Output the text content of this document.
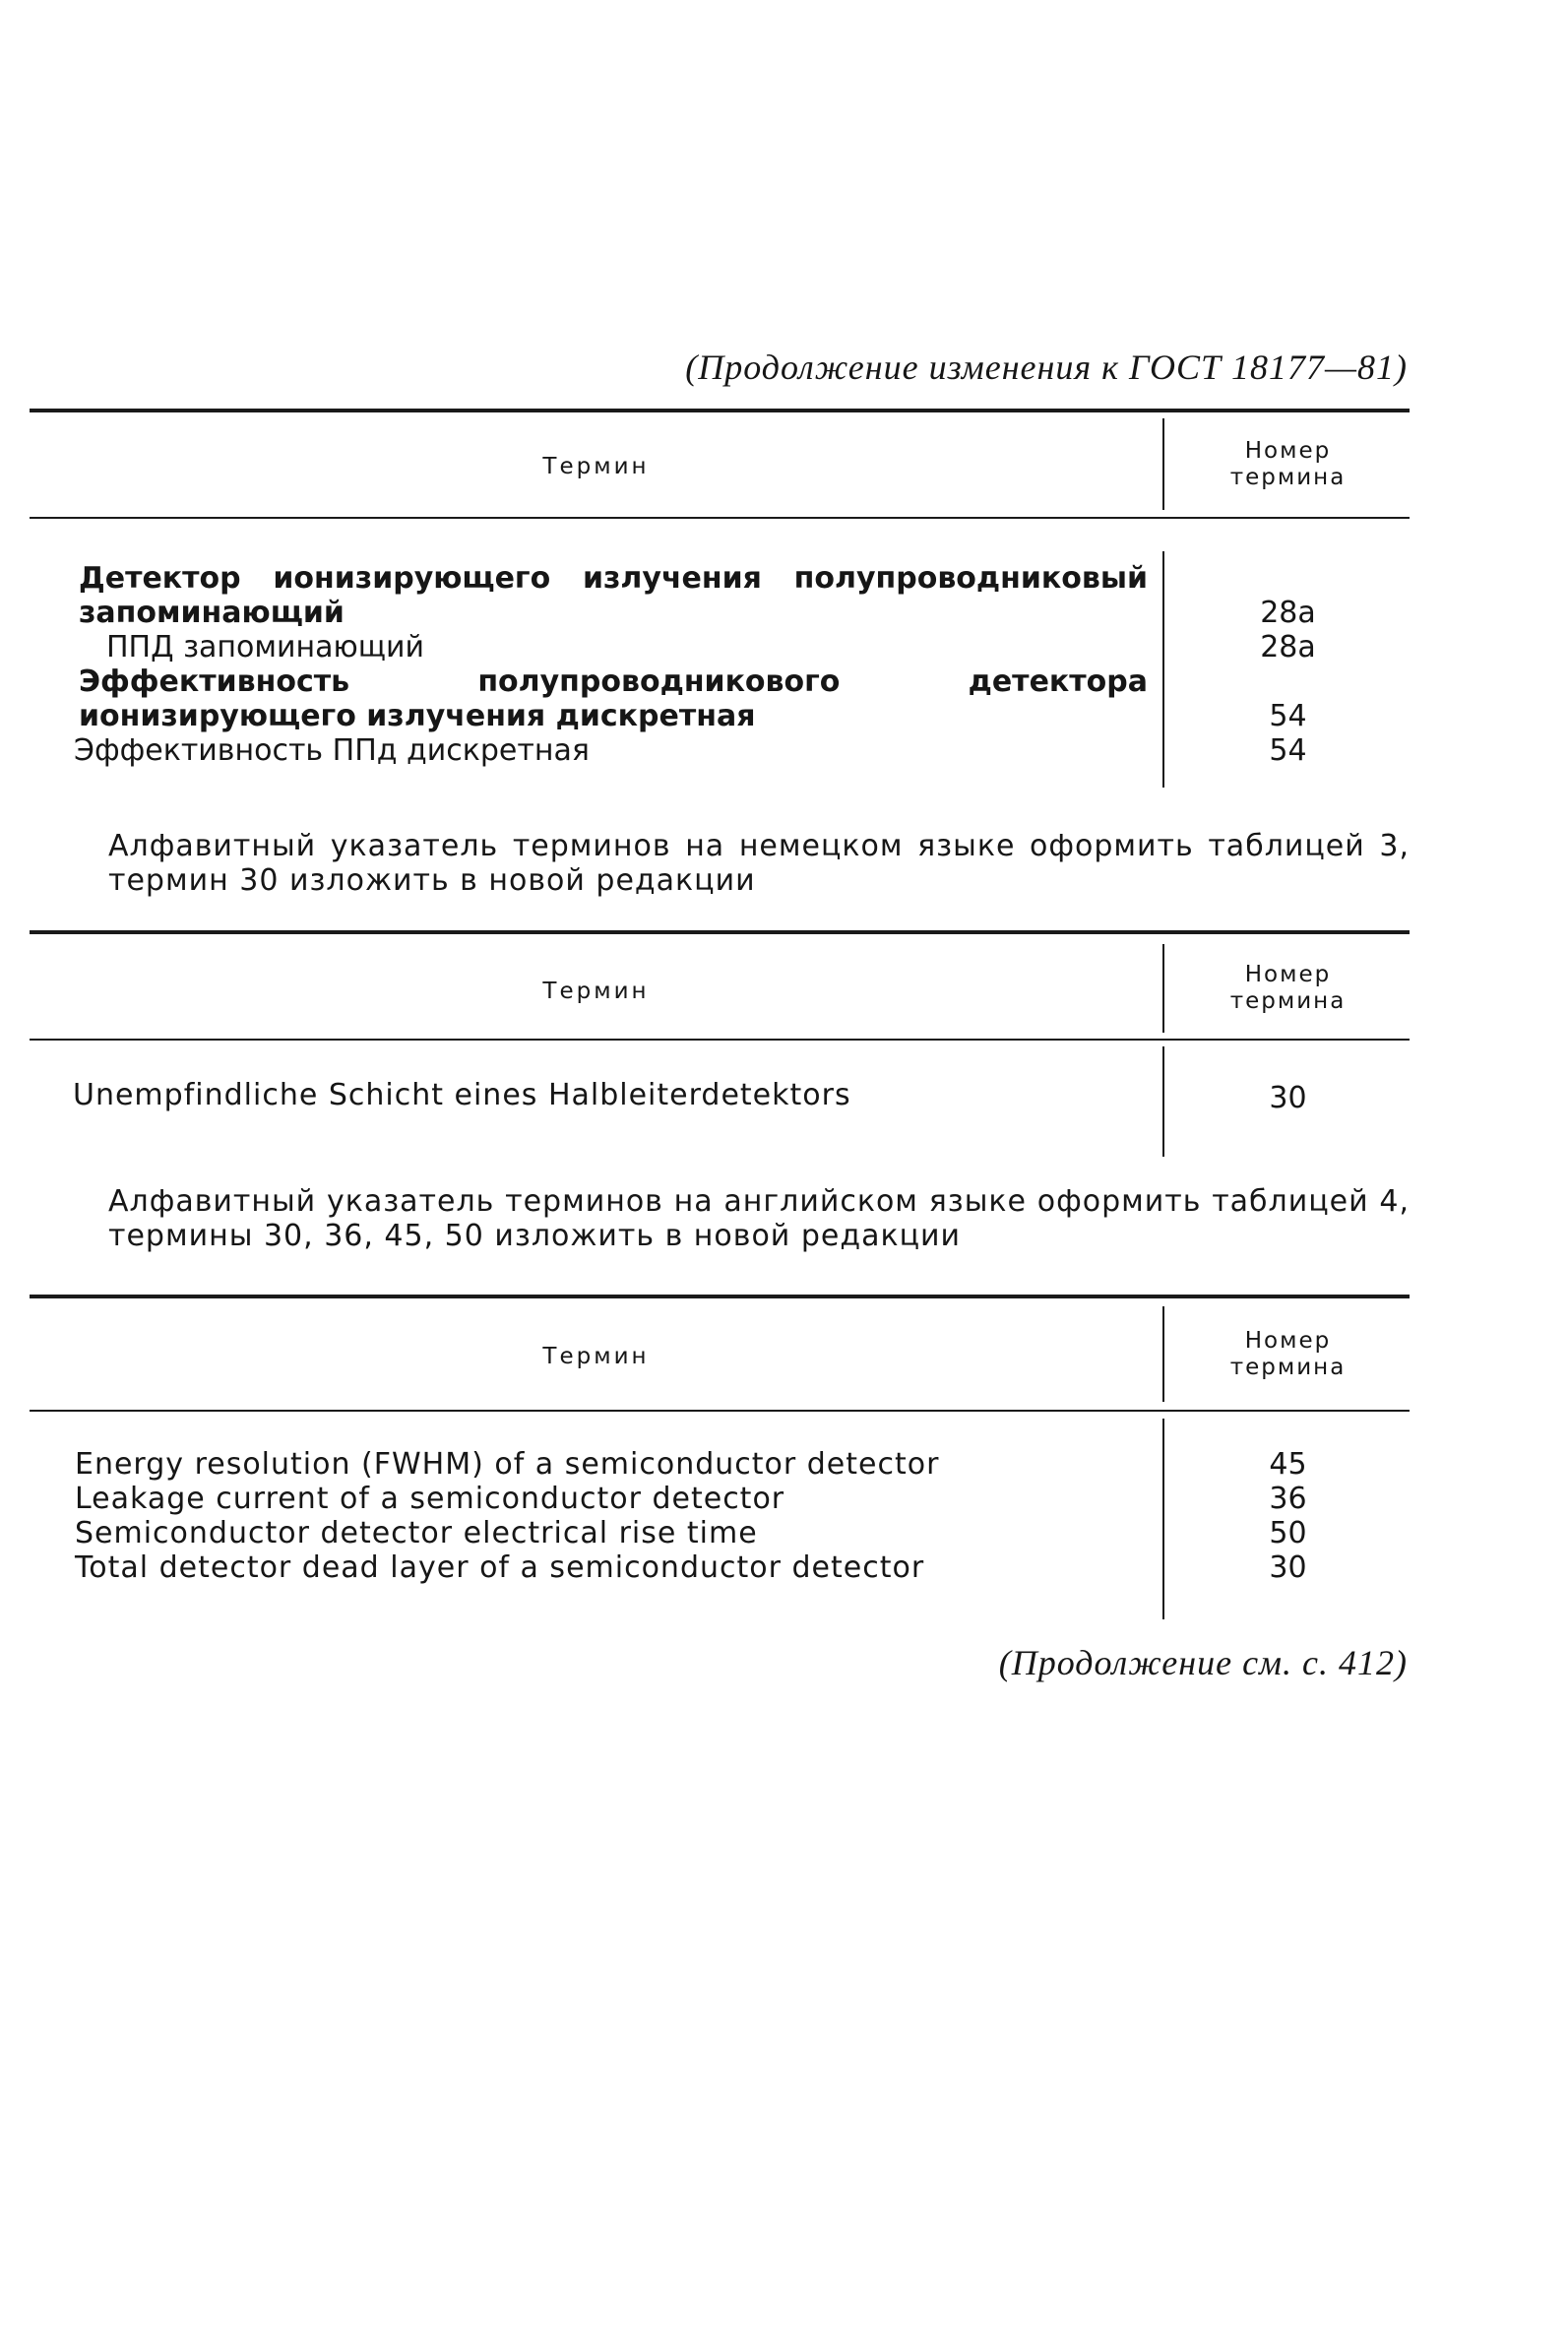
(Продолжение изменения к ГОСТ 18177—81)
Термин
Номер
термина
Детектор ионизирующего излучения полупроводниковый запоминающий	28а
ППД запоминающий	28а
Эффективность полупроводникового детектора ионизирующего излучения дискретная	54
Эффективность ППд дискретная	54
Алфавитный указатель терминов на немецком языке оформить таблицей 3,
термин 30 изложить в новой редакции
Термин
Номер
термина
Unempfindliche Schicht eines Halbleiterdetektors	30
Алфавитный указатель терминов на английском языке оформить таблицей 4,
термины 30, 36, 45, 50 изложить в новой редакции
Термин
Номер
термина
Energy resolution (FWHM) of a semiconductor detector	45
Leakage current of a semiconductor detector	36
Semiconductor detector electrical rise time	50
Total detector dead layer of a semiconductor detector	30
(Продолжение см. с. 412)
